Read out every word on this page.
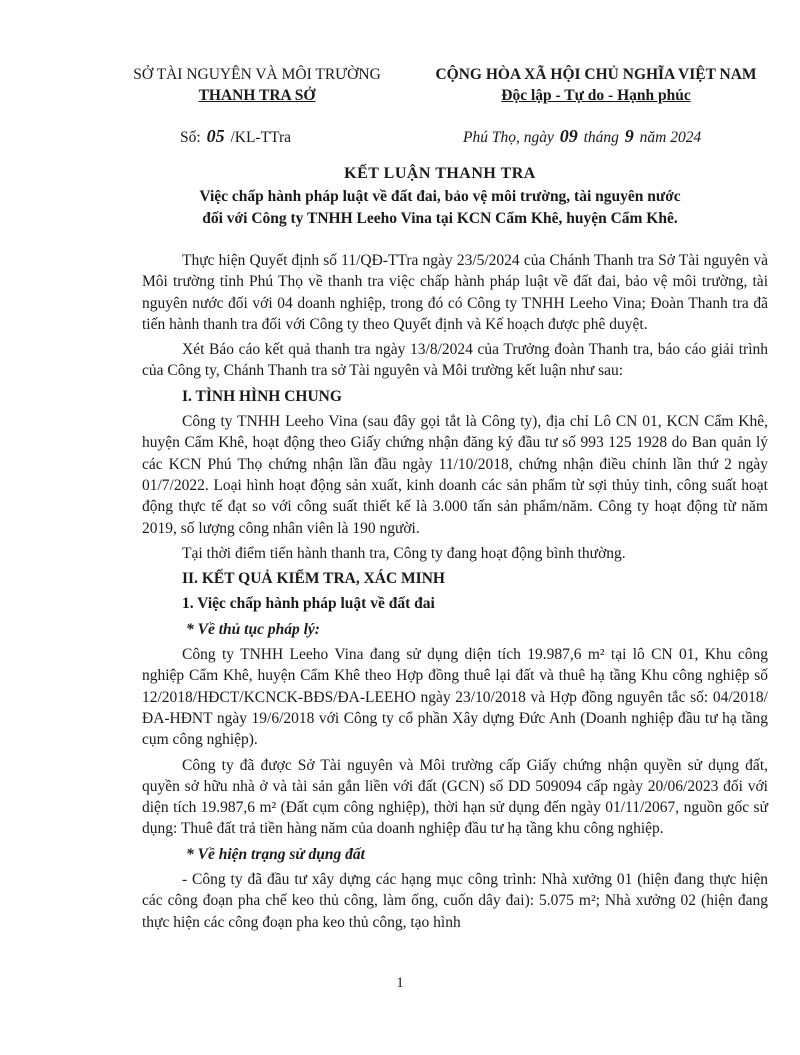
SỞ TÀI NGUYÊN VÀ MÔI TRƯỜNG
THANH TRA SỞ
CỘNG HÒA XÃ HỘI CHỦ NGHĨA VIỆT NAM
Độc lập - Tự do - Hạnh phúc
Số: 05 /KL-TTra	Phú Thọ, ngày 09 tháng 9 năm 2024
KẾT LUẬN THANH TRA
Việc chấp hành pháp luật về đất đai, bảo vệ môi trường, tài nguyên nước
đối với Công ty TNHH Leeho Vina tại KCN Cẩm Khê, huyện Cẩm Khê.

Thực hiện Quyết định số 11/QĐ-TTra ngày 23/5/2024 của Chánh Thanh tra Sở Tài nguyên và Môi trường tỉnh Phú Thọ về thanh tra việc chấp hành pháp luật về đất đai, bảo vệ môi trường, tài nguyên nước đối với 04 doanh nghiệp, trong đó có Công ty TNHH Leeho Vina; Đoàn Thanh tra đã tiến hành thanh tra đối với Công ty theo Quyết định và Kế hoạch được phê duyệt.

Xét Báo cáo kết quả thanh tra ngày 13/8/2024 của Trưởng đoàn Thanh tra, báo cáo giải trình của Công ty, Chánh Thanh tra sở Tài nguyên và Môi trường kết luận như sau:

I. TÌNH HÌNH CHUNG

Công ty TNHH Leeho Vina (sau đây gọi tắt là Công ty), địa chỉ Lô CN 01, KCN Cẩm Khê, huyện Cẩm Khê, hoạt động theo Giấy chứng nhận đăng ký đầu tư số 993 125 1928 do Ban quản lý các KCN Phú Thọ chứng nhận lần đầu ngày 11/10/2018, chứng nhận điều chỉnh lần thứ 2 ngày 01/7/2022. Loại hình hoạt động sản xuất, kinh doanh các sản phẩm từ sợi thủy tinh, công suất hoạt động thực tế đạt so với công suất thiết kế là 3.000 tấn sản phẩm/năm. Công ty hoạt động từ năm 2019, số lượng công nhân viên là 190 người.

Tại thời điểm tiến hành thanh tra, Công ty đang hoạt động bình thường.

II. KẾT QUẢ KIỂM TRA, XÁC MINH
1. Việc chấp hành pháp luật về đất đai
* Về thủ tục pháp lý:

Công ty TNHH Leeho Vina đang sử dụng diện tích 19.987,6 m² tại lô CN 01, Khu công nghiệp Cẩm Khê, huyện Cẩm Khê theo Hợp đồng thuê lại đất và thuê hạ tầng Khu công nghiệp số 12/2018/HĐCT/KCNCK-BĐS/ĐA-LEEHO ngày 23/10/2018 và Hợp đồng nguyên tắc số: 04/2018/ĐA-HĐNT ngày 19/6/2018 với Công ty cổ phần Xây dựng Đức Anh (Doanh nghiệp đầu tư hạ tầng cụm công nghiệp).

Công ty đã được Sở Tài nguyên và Môi trường cấp Giấy chứng nhận quyền sử dụng đất, quyền sở hữu nhà ở và tài sản gắn liền với đất (GCN) số DD 509094 cấp ngày 20/06/2023 đối với diện tích 19.987,6 m² (Đất cụm công nghiệp), thời hạn sử dụng đến ngày 01/11/2067, nguồn gốc sử dụng: Thuê đất trả tiền hàng năm của doanh nghiệp đầu tư hạ tầng khu công nghiệp.

* Về hiện trạng sử dụng đất

- Công ty đã đầu tư xây dựng các hạng mục công trình: Nhà xưởng 01 (hiện đang thực hiện các công đoạn pha chế keo thủ công, làm ống, cuốn dây đai): 5.075 m²; Nhà xưởng 02 (hiện đang thực hiện các công đoạn pha keo thủ công, tạo hình

1
